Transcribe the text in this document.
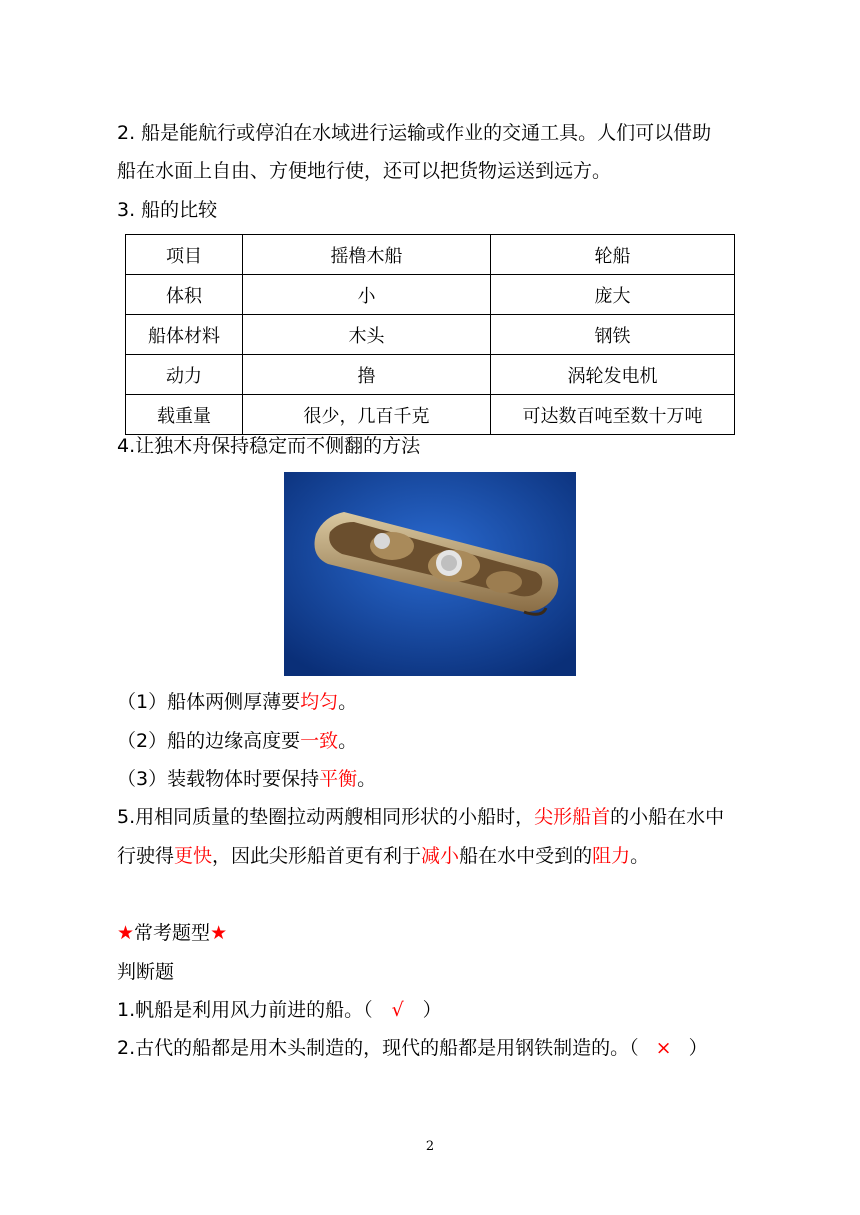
2. 船是能航行或停泊在水域进行运输或作业的交通工具。人们可以借助
船在水面上自由、方便地行使，还可以把货物运送到远方。
3. 船的比较
项目	摇橹木船	轮船
体积	小	庞大
船体材料	木头	钢铁
动力	撸	涡轮发电机
载重量	很少，几百千克	可达数百吨至数十万吨
4.让独木舟保持稳定而不侧翻的方法
（1）船体两侧厚薄要均匀。
（2）船的边缘高度要一致。
（3）装载物体时要保持平衡。
5.用相同质量的垫圈拉动两艘相同形状的小船时，尖形船首的小船在水中
行驶得更快，因此尖形船首更有利于减小船在水中受到的阻力。
★常考题型★
判断题
1.帆船是利用风力前进的船。（ √ ）
2.古代的船都是用木头制造的，现代的船都是用钢铁制造的。（ × ）
2
